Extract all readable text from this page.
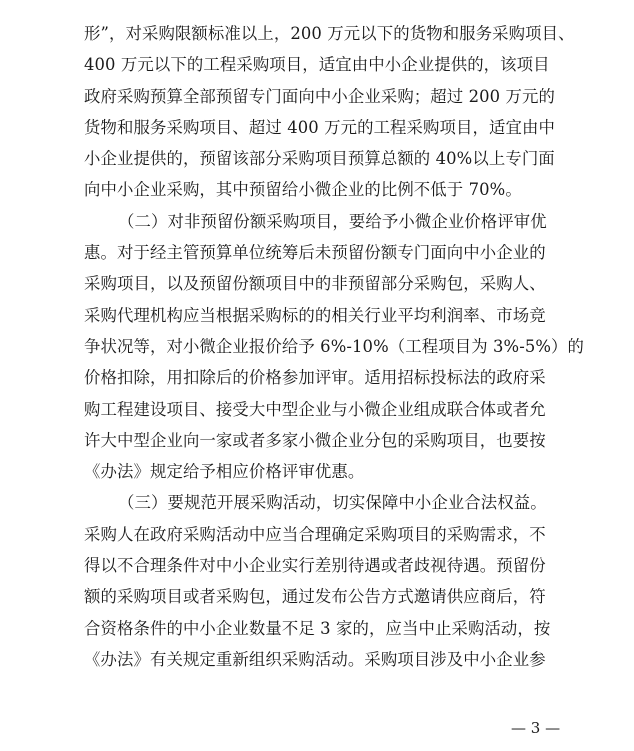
形”，对采购限额标准以上，200 万元以下的货物和服务采购项目、
400 万元以下的工程采购项目，适宜由中小企业提供的，该项目
政府采购预算全部预留专门面向中小企业采购；超过 200 万元的
货物和服务采购项目、超过 400 万元的工程采购项目，适宜由中
小企业提供的，预留该部分采购项目预算总额的 40%以上专门面
向中小企业采购，其中预留给小微企业的比例不低于 70%。
（二）对非预留份额采购项目，要给予小微企业价格评审优
惠。对于经主管预算单位统筹后未预留份额专门面向中小企业的
采购项目，以及预留份额项目中的非预留部分采购包，采购人、
采购代理机构应当根据采购标的的相关行业平均利润率、市场竞
争状况等，对小微企业报价给予 6%-10%（工程项目为 3%-5%）的
价格扣除，用扣除后的价格参加评审。适用招标投标法的政府采
购工程建设项目、接受大中型企业与小微企业组成联合体或者允
许大中型企业向一家或者多家小微企业分包的采购项目，也要按
《办法》规定给予相应价格评审优惠。
（三）要规范开展采购活动，切实保障中小企业合法权益。
采购人在政府采购活动中应当合理确定采购项目的采购需求，不
得以不合理条件对中小企业实行差别待遇或者歧视待遇。预留份
额的采购项目或者采购包，通过发布公告方式邀请供应商后，符
合资格条件的中小企业数量不足 3 家的，应当中止采购活动，按
《办法》有关规定重新组织采购活动。采购项目涉及中小企业参
— 3 —
